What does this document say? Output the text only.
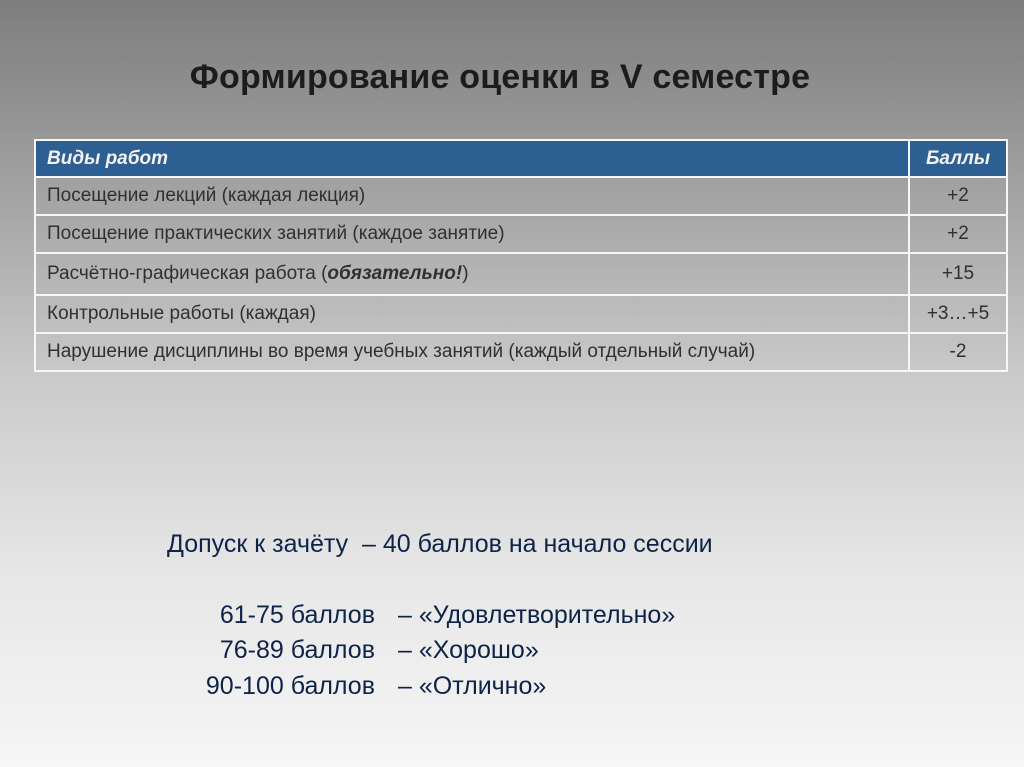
Формирование оценки в V семестре
Виды работ	Баллы
Посещение лекций (каждая лекция)	+2
Посещение практических занятий (каждое занятие)	+2
Расчётно-графическая работа (обязательно!)	+15
Контрольные работы (каждая)	+3…+5
Нарушение дисциплины во время учебных занятий (каждый отдельный случай)	-2
Допуск к зачёту  – 40 баллов на начало сессии
61-75 баллов – «Удовлетворительно»
76-89 баллов – «Хорошо»
90-100 баллов – «Отлично»
